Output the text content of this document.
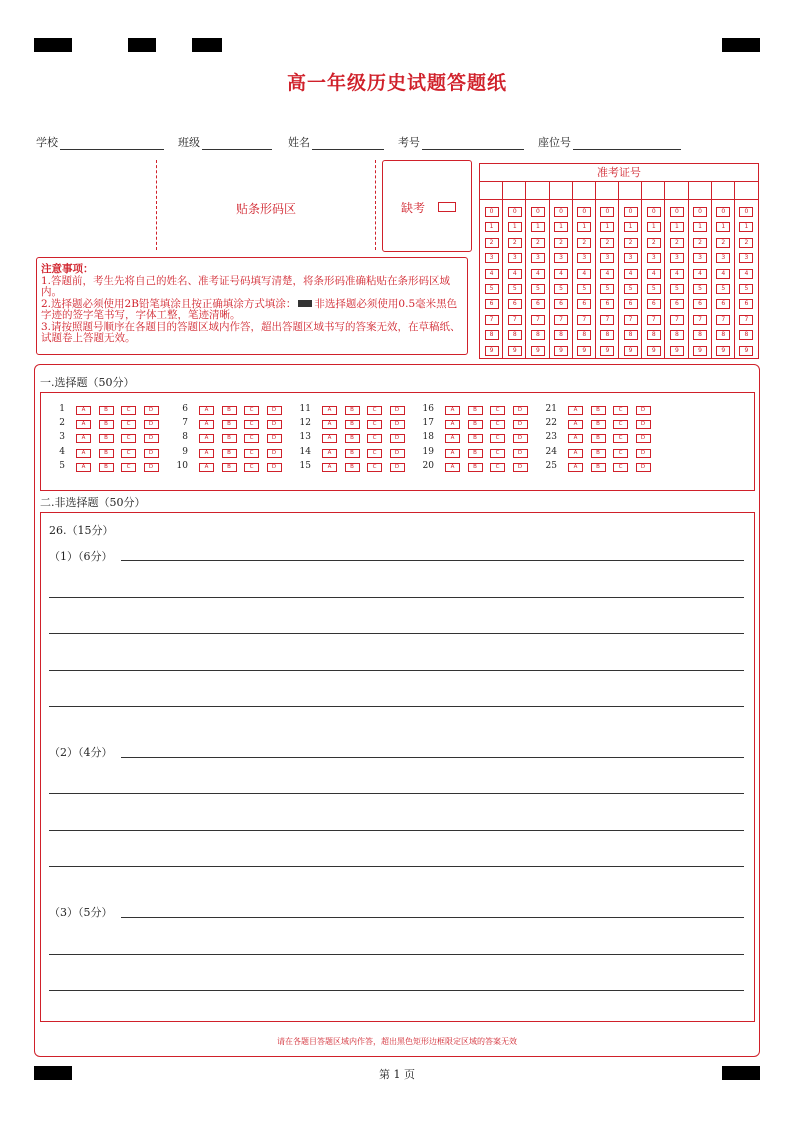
高一年级历史试题答题纸
学校	班级	姓名	考号	座位号
贴条形码区	缺考
准考证号
0	0	0	0	0	0	0	0	0	0	0	0
1	1	1	1	1	1	1	1	1	1	1	1
2	2	2	2	2	2	2	2	2	2	2	2
3	3	3	3	3	3	3	3	3	3	3	3
4	4	4	4	4	4	4	4	4	4	4	4
5	5	5	5	5	5	5	5	5	5	5	5
6	6	6	6	6	6	6	6	6	6	6	6
7	7	7	7	7	7	7	7	7	7	7	7
8	8	8	8	8	8	8	8	8	8	8	8
9	9	9	9	9	9	9	9	9	9	9	9
注意事项：
1.答题前，考生先将自己的姓名、准考证号码填写清楚，将条形码准确粘贴在条形码区域内。
2.选择题必须使用2B铅笔填涂且按正确填涂方式填涂： 非选择题必须使用0.5毫米黑色字迹的签字笔书写，字体工整，笔迹清晰。
3.请按照题号顺序在各题目的答题区域内作答，超出答题区域书写的答案无效，在草稿纸、试题卷上答题无效。
一.选择题（50分）
1	A	B	C	D
2	A	B	C	D
3	A	B	C	D
4	A	B	C	D
5	A	B	C	D
6	A	B	C	D
7	A	B	C	D
8	A	B	C	D
9	A	B	C	D
10	A	B	C	D
11	A	B	C	D
12	A	B	C	D
13	A	B	C	D
14	A	B	C	D
15	A	B	C	D
16	A	B	C	D
17	A	B	C	D
18	A	B	C	D
19	A	B	C	D
20	A	B	C	D
21	A	B	C	D
22	A	B	C	D
23	A	B	C	D
24	A	B	C	D
25	A	B	C	D
二.非选择题（50分）
26.（15分）
（1）（6分）
（2）（4分）
（3）（5分）
请在各题目答题区域内作答，超出黑色矩形边框限定区域的答案无效
第 1 页
